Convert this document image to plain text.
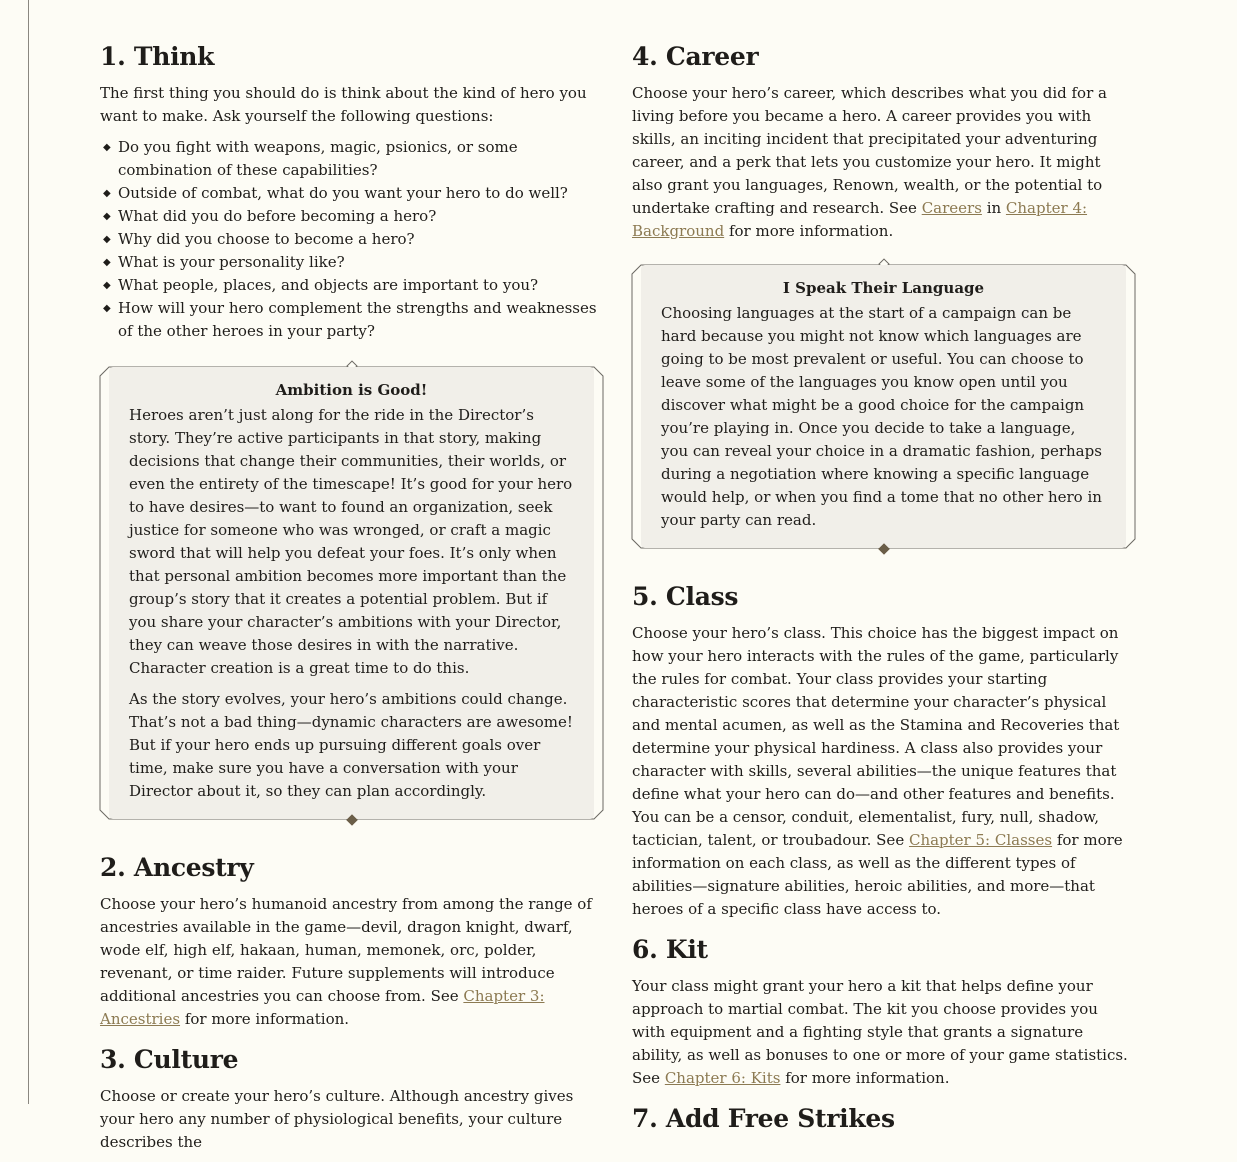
1. Think

The first thing you should do is think about the kind of hero you want to make. Ask yourself the following questions:

◆ Do you fight with weapons, magic, psionics, or some combination of these capabilities?
◆ Outside of combat, what do you want your hero to do well?
◆ What did you do before becoming a hero?
◆ Why did you choose to become a hero?
◆ What is your personality like?
◆ What people, places, and objects are important to you?
◆ How will your hero complement the strengths and weaknesses of the other heroes in your party?
Ambition is Good!

Heroes aren’t just along for the ride in the Director’s story. They’re active participants in that story, making decisions that change their communities, their worlds, or even the entirety of the timescape! It’s good for your hero to have desires—to want to found an organization, seek justice for someone who was wronged, or craft a magic sword that will help you defeat your foes. It’s only when that personal ambition becomes more important than the group’s story that it creates a potential problem. But if you share your character’s ambitions with your Director, they can weave those desires in with the narrative. Character creation is a great time to do this.

As the story evolves, your hero’s ambitions could change. That’s not a bad thing—dynamic characters are awesome! But if your hero ends up pursuing different goals over time, make sure you have a conversation with your Director about it, so they can plan accordingly.

2. Ancestry

Choose your hero’s humanoid ancestry from among the range of ancestries available in the game—devil, dragon knight, dwarf, wode elf, high elf, hakaan, human, memonek, orc, polder, revenant, or time raider. Future supplements will introduce additional ancestries you can choose from. See Chapter 3: Ancestries for more information.

3. Culture

Choose or create your hero’s culture. Although ancestry gives your hero any number of physiological benefits, your culture describes the

4. Career

Choose your hero’s career, which describes what you did for a living before you became a hero. A career provides you with skills, an inciting incident that precipitated your adventuring career, and a perk that lets you customize your hero. It might also grant you languages, Renown, wealth, or the potential to undertake crafting and research. See Careers in Chapter 4: Background for more information.

I Speak Their Language

Choosing languages at the start of a campaign can be hard because you might not know which languages are going to be most prevalent or useful. You can choose to leave some of the languages you know open until you discover what might be a good choice for the campaign you’re playing in. Once you decide to take a language, you can reveal your choice in a dramatic fashion, perhaps during a negotiation where knowing a specific language would help, or when you find a tome that no other hero in your party can read.

5. Class

Choose your hero’s class. This choice has the biggest impact on how your hero interacts with the rules of the game, particularly the rules for combat. Your class provides your starting characteristic scores that determine your character’s physical and mental acumen, as well as the Stamina and Recoveries that determine your physical hardiness. A class also provides your character with skills, several abilities—the unique features that define what your hero can do—and other features and benefits. You can be a censor, conduit, elementalist, fury, null, shadow, tactician, talent, or troubadour. See Chapter 5: Classes for more information on each class, as well as the different types of abilities—signature abilities, heroic abilities, and more—that heroes of a specific class have access to.

6. Kit

Your class might grant your hero a kit that helps define your approach to martial combat. The kit you choose provides you with equipment and a fighting style that grants a signature ability, as well as bonuses to one or more of your game statistics. See Chapter 6: Kits for more information.

7. Add Free Strikes
